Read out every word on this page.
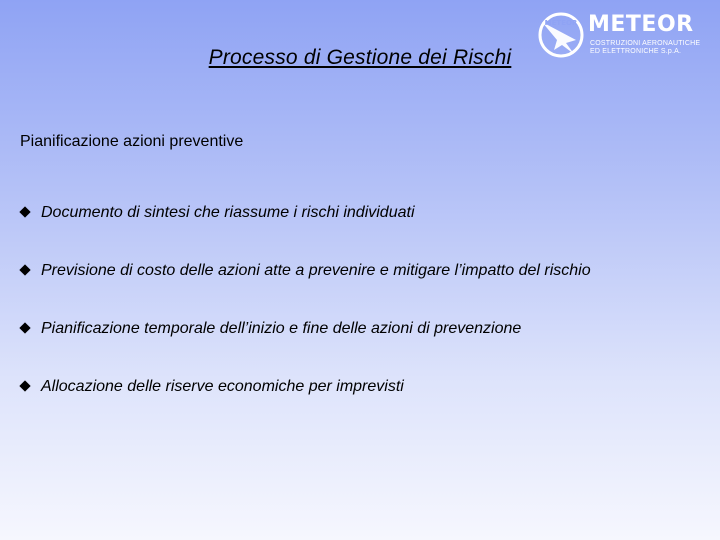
METEOR METEOR
COSTRUZIONI AERONAUTICHE
ED ELETTRONICHE S.p.A.
Processo di Gestione dei Rischi
Pianificazione azioni preventive
Documento di sintesi che riassume i rischi individuati
Previsione di costo delle azioni atte a prevenire e mitigare l’impatto del rischio
Pianificazione temporale dell’inizio e fine delle azioni di prevenzione
Allocazione delle riserve economiche per imprevisti
